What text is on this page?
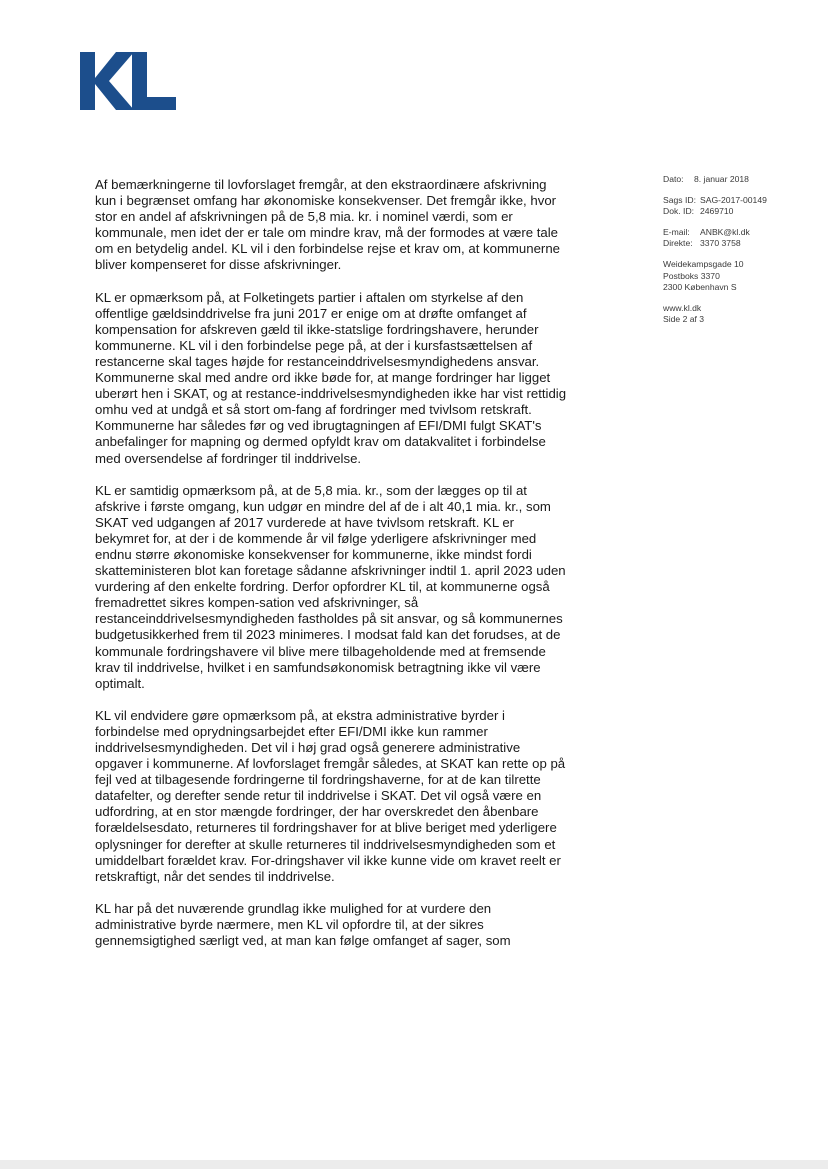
Dato: 8. januar 2018
Sags ID: SAG-2017-00149
Dok. ID: 2469710
E-mail: ANBK@kl.dk
Direkte: 3370 3758
Weidekampsgade 10
Postboks 3370
2300 København S
www.kl.dk
Side 2 af 3

Af bemærkningerne til lovforslaget fremgår, at den ekstraordinære afskrivning kun i begrænset omfang har økonomiske konsekvenser. Det fremgår ikke, hvor stor en andel af afskrivningen på de 5,8 mia. kr. i nominel værdi, som er kommunale, men idet der er tale om mindre krav, må der formodes at være tale om en betydelig andel. KL vil i den forbindelse rejse et krav om, at kommunerne bliver kompenseret for disse afskrivninger.

KL er opmærksom på, at Folketingets partier i aftalen om styrkelse af den offentlige gældsinddrivelse fra juni 2017 er enige om at drøfte omfanget af kompensation for afskreven gæld til ikke-statslige fordringshavere, herunder kommunerne. KL vil i den forbindelse pege på, at der i kursfastsættelsen af restancerne skal tages højde for restanceinddrivelsesmyndighedens ansvar. Kommunerne skal med andre ord ikke bøde for, at mange fordringer har ligget uberørt hen i SKAT, og at restance-inddrivelsesmyndigheden ikke har vist rettidig omhu ved at undgå et så stort om-fang af fordringer med tvivlsom retskraft. Kommunerne har således før og ved ibrugtagningen af EFI/DMI fulgt SKAT's anbefalinger for mapning og dermed opfyldt krav om datakvalitet i forbindelse med oversendelse af fordringer til inddrivelse.

KL er samtidig opmærksom på, at de 5,8 mia. kr., som der lægges op til at afskrive i første omgang, kun udgør en mindre del af de i alt 40,1 mia. kr., som SKAT ved udgangen af 2017 vurderede at have tvivlsom retskraft. KL er bekymret for, at der i de kommende år vil følge yderligere afskrivninger med endnu større økonomiske konsekvenser for kommunerne, ikke mindst fordi skatteministeren blot kan foretage sådanne afskrivninger indtil 1. april 2023 uden vurdering af den enkelte fordring. Derfor opfordrer KL til, at kommunerne også fremadrettet sikres kompen-sation ved afskrivninger, så restanceinddrivelsesmyndigheden fastholdes på sit ansvar, og så kommunernes budgetusikkerhed frem til 2023 minimeres. I modsat fald kan det forudses, at de kommunale fordringshavere vil blive mere tilbageholdende med at fremsende krav til inddrivelse, hvilket i en samfundsøkonomisk betragtning ikke vil være optimalt.

KL vil endvidere gøre opmærksom på, at ekstra administrative byrder i forbindelse med oprydningsarbejdet efter EFI/DMI ikke kun rammer inddrivelsesmyndigheden. Det vil i høj grad også generere administrative opgaver i kommunerne. Af lovforslaget fremgår således, at SKAT kan rette op på fejl ved at tilbagesende fordringerne til fordringshaverne, for at de kan tilrette datafelter, og derefter sende retur til inddrivelse i SKAT. Det vil også være en udfordring, at en stor mængde fordringer, der har overskredet den åbenbare forældelsesdato, returneres til fordringshaver for at blive beriget med yderligere oplysninger for derefter at skulle returneres til inddrivelsesmyndigheden som et umiddelbart forældet krav. For-dringshaver vil ikke kunne vide om kravet reelt er retskraftigt, når det sendes til inddrivelse.

KL har på det nuværende grundlag ikke mulighed for at vurdere den administrative byrde nærmere, men KL vil opfordre til, at der sikres gennemsigtighed særligt ved, at man kan følge omfanget af sager, som
